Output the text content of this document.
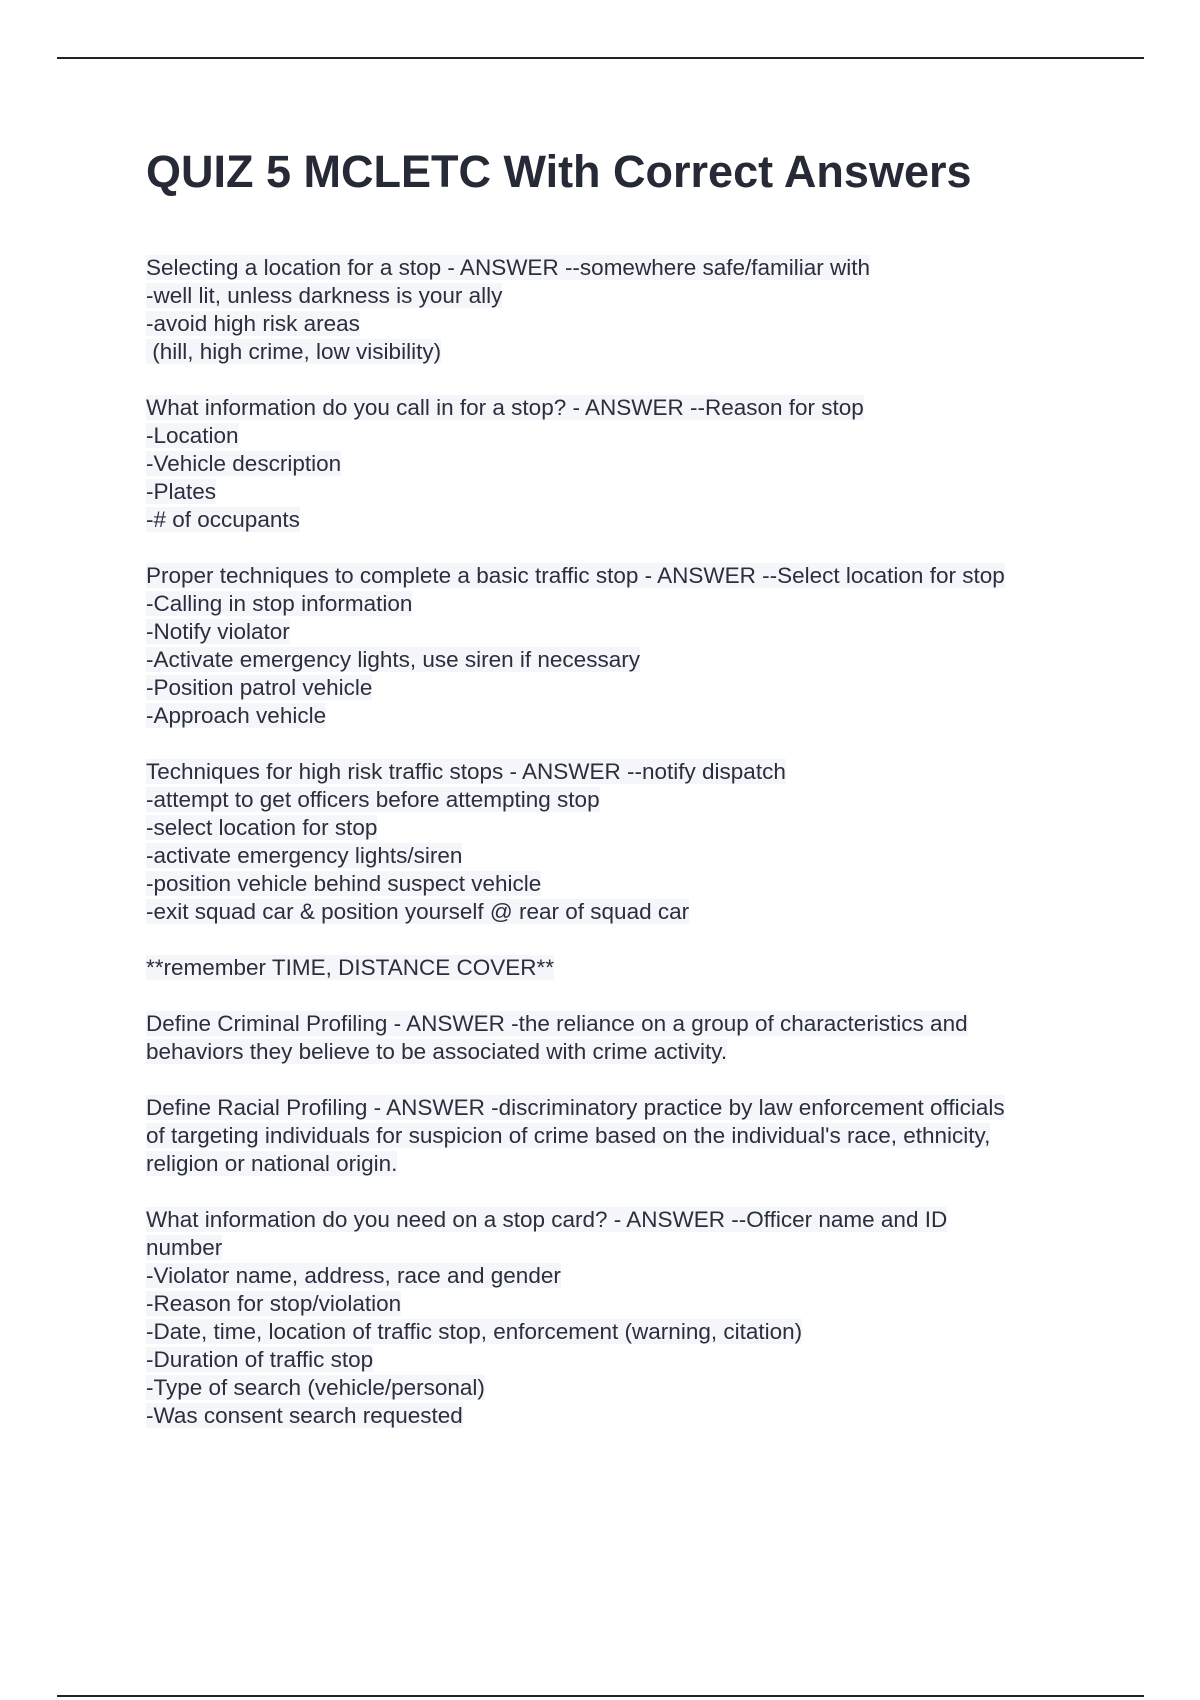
QUIZ 5 MCLETC With Correct Answers
Selecting a location for a stop - ANSWER --somewhere safe/familiar with
-well lit, unless darkness is your ally
-avoid high risk areas
(hill, high crime, low visibility)
What information do you call in for a stop? - ANSWER --Reason for stop
-Location
-Vehicle description
-Plates
-# of occupants
Proper techniques to complete a basic traffic stop - ANSWER --Select location for stop
-Calling in stop information
-Notify violator
-Activate emergency lights, use siren if necessary
-Position patrol vehicle
-Approach vehicle
Techniques for high risk traffic stops - ANSWER --notify dispatch
-attempt to get officers before attempting stop
-select location for stop
-activate emergency lights/siren
-position vehicle behind suspect vehicle
-exit squad car & position yourself @ rear of squad car
**remember TIME, DISTANCE COVER**
Define Criminal Profiling - ANSWER -the reliance on a group of characteristics and
behaviors they believe to be associated with crime activity.
Define Racial Profiling - ANSWER -discriminatory practice by law enforcement officials
of targeting individuals for suspicion of crime based on the individual's race, ethnicity,
religion or national origin.
What information do you need on a stop card? - ANSWER --Officer name and ID
number
-Violator name, address, race and gender
-Reason for stop/violation
-Date, time, location of traffic stop, enforcement (warning, citation)
-Duration of traffic stop
-Type of search (vehicle/personal)
-Was consent search requested
